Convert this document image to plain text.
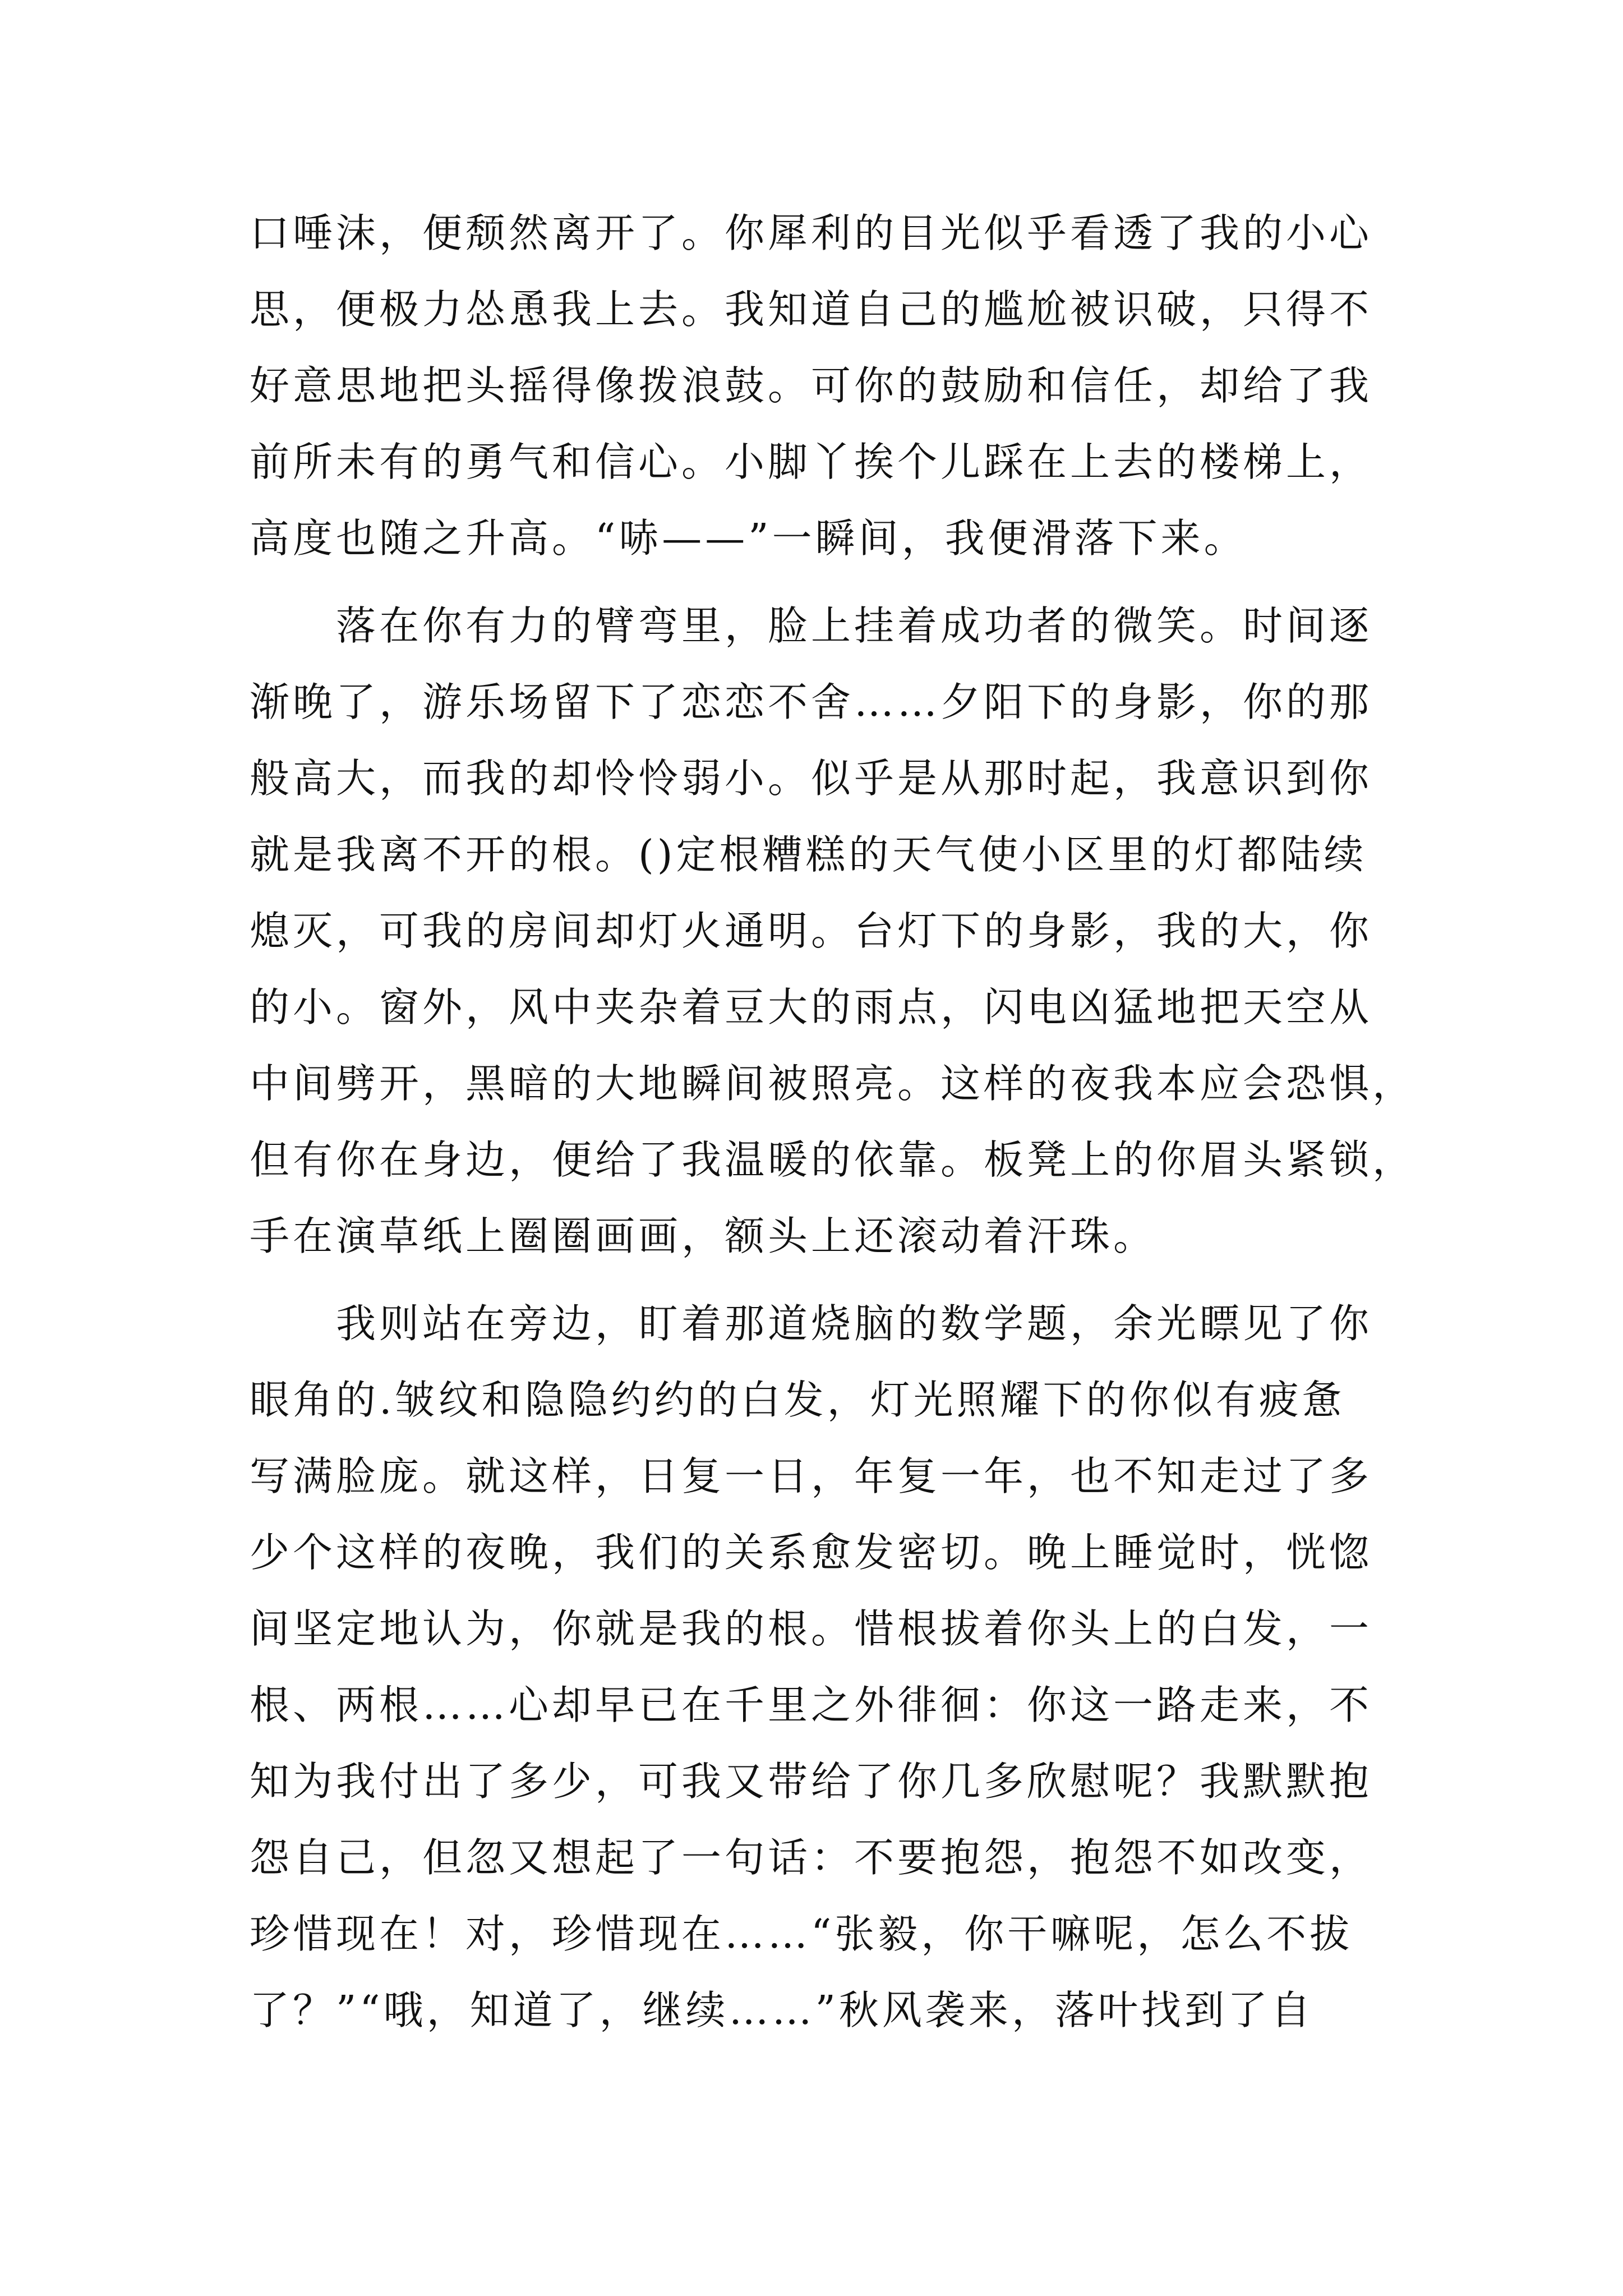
口唾沫，便颓然离开了。你犀利的目光似乎看透了我的小心
思，便极力怂恿我上去。我知道自己的尴尬被识破，只得不
好意思地把头摇得像拨浪鼓。可你的鼓励和信任，却给了我
前所未有的勇气和信心。小脚丫挨个儿踩在上去的楼梯上，
高度也随之升高。“哧——”一瞬间，我便滑落下来。
　　落在你有力的臂弯里，脸上挂着成功者的微笑。时间逐
渐晚了，游乐场留下了恋恋不舍……夕阳下的身影，你的那
般高大，而我的却怜怜弱小。似乎是从那时起，我意识到你
就是我离不开的根。()定根糟糕的天气使小区里的灯都陆续
熄灭，可我的房间却灯火通明。台灯下的身影，我的大，你
的小。窗外，风中夹杂着豆大的雨点，闪电凶猛地把天空从
中间劈开，黑暗的大地瞬间被照亮。这样的夜我本应会恐惧，
但有你在身边，便给了我温暖的依靠。板凳上的你眉头紧锁，
手在演草纸上圈圈画画，额头上还滚动着汗珠。
　　我则站在旁边，盯着那道烧脑的数学题，余光瞟见了你
眼角的.皱纹和隐隐约约的白发，灯光照耀下的你似有疲惫
写满脸庞。就这样，日复一日，年复一年，也不知走过了多
少个这样的夜晚，我们的关系愈发密切。晚上睡觉时，恍惚
间坚定地认为，你就是我的根。惜根拔着你头上的白发，一
根、两根……心却早已在千里之外徘徊：你这一路走来，不
知为我付出了多少，可我又带给了你几多欣慰呢？我默默抱
怨自己，但忽又想起了一句话：不要抱怨，抱怨不如改变，
珍惜现在！对，珍惜现在……“张毅，你干嘛呢，怎么不拔
了？”“哦，知道了，继续……”秋风袭来，落叶找到了自
